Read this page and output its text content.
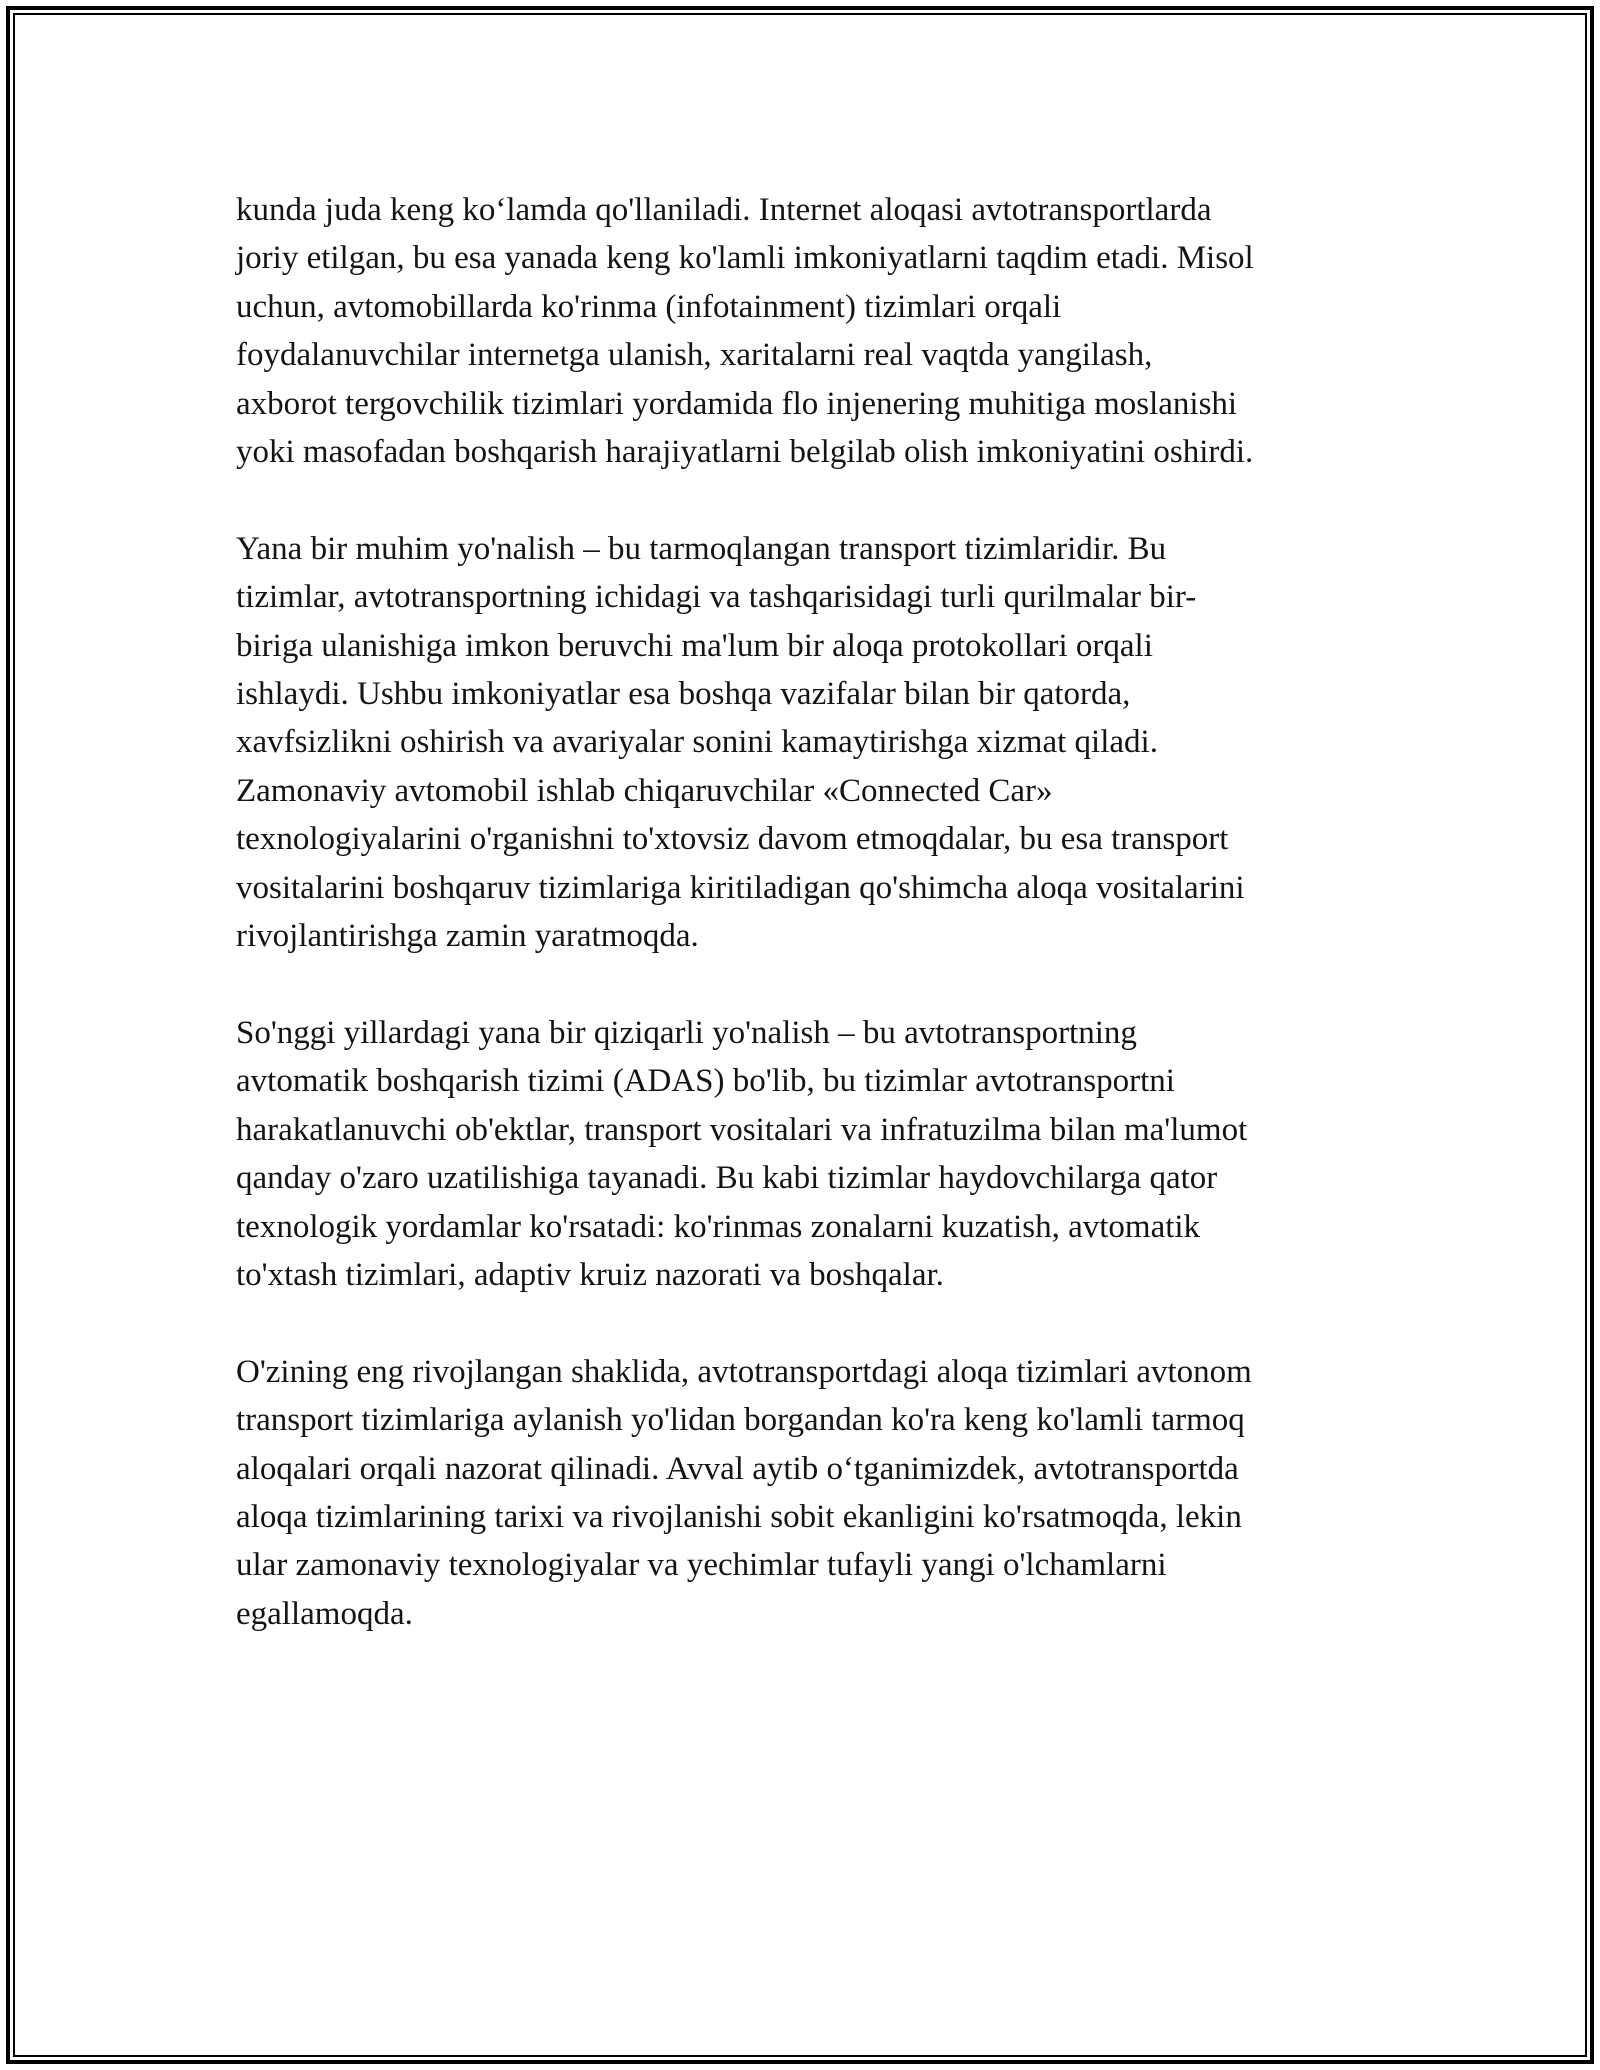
kunda juda keng ko‘lamda qo'llaniladi. Internet aloqasi avtotransportlarda
joriy etilgan, bu esa yanada keng ko'lamli imkoniyatlarni taqdim etadi. Misol
uchun, avtomobillarda ko'rinma (infotainment) tizimlari orqali
foydalanuvchilar internetga ulanish, xaritalarni real vaqtda yangilash,
axborot tergovchilik tizimlari yordamida flo injenering muhitiga moslanishi
yoki masofadan boshqarish harajiyatlarni belgilab olish imkoniyatini oshirdi.

Yana bir muhim yo'nalish – bu tarmoqlangan transport tizimlaridir. Bu
tizimlar, avtotransportning ichidagi va tashqarisidagi turli qurilmalar bir-
biriga ulanishiga imkon beruvchi ma'lum bir aloqa protokollari orqali
ishlaydi. Ushbu imkoniyatlar esa boshqa vazifalar bilan bir qatorda,
xavfsizlikni oshirish va avariyalar sonini kamaytirishga xizmat qiladi.
Zamonaviy avtomobil ishlab chiqaruvchilar «Connected Car»
texnologiyalarini o'rganishni to'xtovsiz davom etmoqdalar, bu esa transport
vositalarini boshqaruv tizimlariga kiritiladigan qo'shimcha aloqa vositalarini
rivojlantirishga zamin yaratmoqda.

So'nggi yillardagi yana bir qiziqarli yo'nalish – bu avtotransportning
avtomatik boshqarish tizimi (ADAS) bo'lib, bu tizimlar avtotransportni
harakatlanuvchi ob'ektlar, transport vositalari va infratuzilma bilan ma'lumot
qanday o'zaro uzatilishiga tayanadi. Bu kabi tizimlar haydovchilarga qator
texnologik yordamlar ko'rsatadi: ko'rinmas zonalarni kuzatish, avtomatik
to'xtash tizimlari, adaptiv kruiz nazorati va boshqalar.

O'zining eng rivojlangan shaklida, avtotransportdagi aloqa tizimlari avtonom
transport tizimlariga aylanish yo'lidan borgandan ko'ra keng ko'lamli tarmoq
aloqalari orqali nazorat qilinadi. Avval aytib o‘tganimizdek, avtotransportda
aloqa tizimlarining tarixi va rivojlanishi sobit ekanligini ko'rsatmoqda, lekin
ular zamonaviy texnologiyalar va yechimlar tufayli yangi o'lchamlarni
egallamoqda.
